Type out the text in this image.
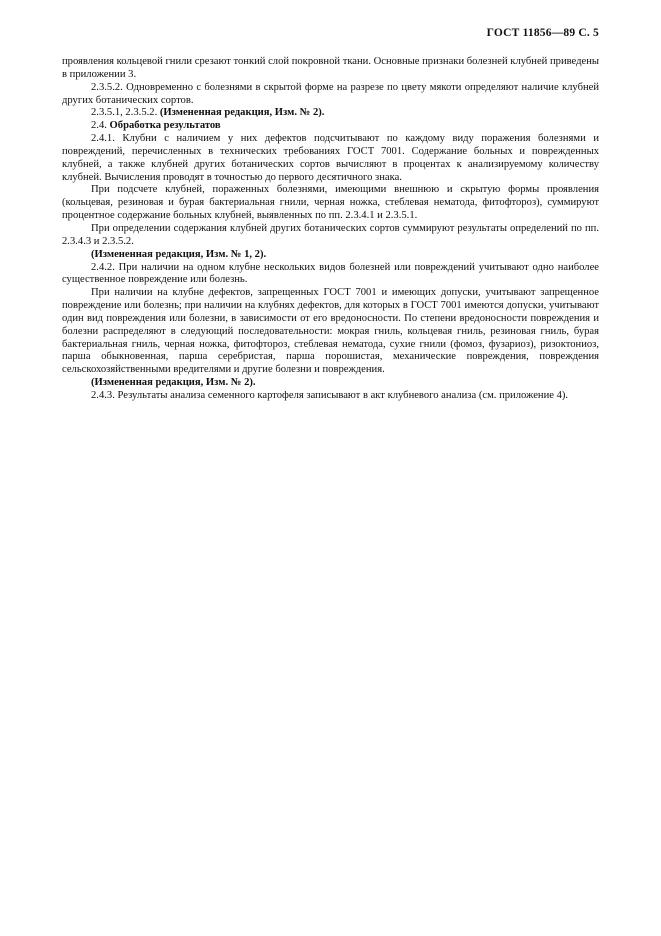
ГОСТ 11856—89 С. 5

проявления кольцевой гнили срезают тонкий слой покровной ткани. Основные признаки болезней клубней приведены в приложении 3.

2.3.5.2. Одновременно с болезнями в скрытой форме на разрезе по цвету мякоти определяют наличие клубней других ботанических сортов.

2.3.5.1, 2.3.5.2. (Измененная редакция, Изм. № 2).

2.4. Обработка результатов

2.4.1. Клубни с наличием у них дефектов подсчитывают по каждому виду поражения болезнями и повреждений, перечисленных в технических требованиях ГОСТ 7001. Содержание больных и поврежденных клубней, а также клубней других ботанических сортов вычисляют в процентах к анализируемому количеству клубней. Вычисления проводят в точностью до первого десятичного знака.

При подсчете клубней, пораженных болезнями, имеющими внешнюю и скрытую формы проявления (кольцевая, резиновая и бурая бактериальная гнили, черная ножка, стеблевая нематода, фитофтороз), суммируют процентное содержание больных клубней, выявленных по пп. 2.3.4.1 и 2.3.5.1.

При определении содержания клубней других ботанических сортов суммируют результаты определений по пп. 2.3.4.3 и 2.3.5.2.

(Измененная редакция, Изм. № 1, 2).

2.4.2. При наличии на одном клубне нескольких видов болезней или повреждений учитывают одно наиболее существенное повреждение или болезнь.

При наличии на клубне дефектов, запрещенных ГОСТ 7001 и имеющих допуски, учитывают запрещенное повреждение или болезнь; при наличии на клубнях дефектов, для которых в ГОСТ 7001 имеются допуски, учитывают один вид повреждения или болезни, в зависимости от его вредоносности. По степени вредоносности повреждения и болезни распределяют в следующий последовательности: мокрая гниль, кольцевая гниль, резиновая гниль, бурая бактериальная гниль, черная ножка, фитофтороз, стеблевая нематода, сухие гнили (фомоз, фузариоз), ризоктониоз, парша обыкновенная, парша серебристая, парша порошистая, механические повреждения, повреждения сельскохозяйственными вредителями и другие болезни и повреждения.

(Измененная редакция, Изм. № 2).

2.4.3. Результаты анализа семенного картофеля записывают в акт клубневого анализа (см. приложение 4).
